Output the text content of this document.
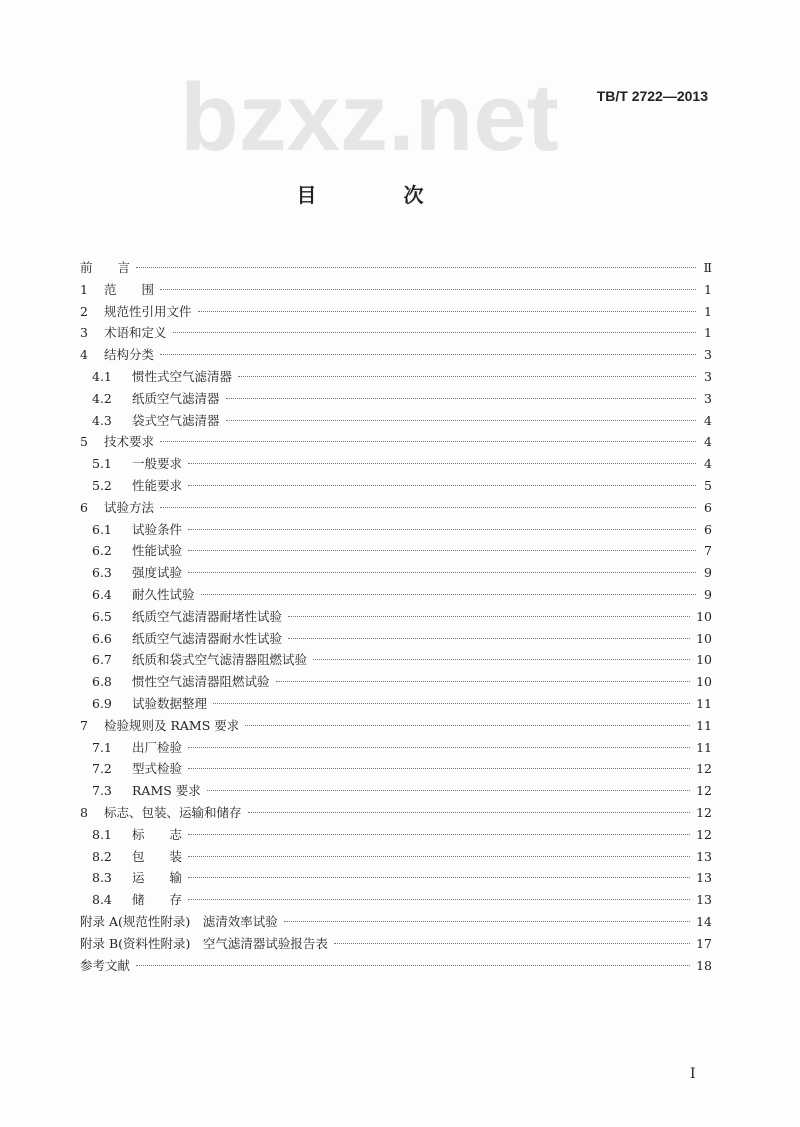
bzxz.net	TB/T 2722—2013
目 次
前　　言	Ⅱ
1	范　　围	1
2	规范性引用文件	1
3	术语和定义	1
4	结构分类	3
4.1	惯性式空气滤清器	3
4.2	纸质空气滤清器	3
4.3	袋式空气滤清器	4
5	技术要求	4
5.1	一般要求	4
5.2	性能要求	5
6	试验方法	6
6.1	试验条件	6
6.2	性能试验	7
6.3	强度试验	9
6.4	耐久性试验	9
6.5	纸质空气滤清器耐堵性试验	10
6.6	纸质空气滤清器耐水性试验	10
6.7	纸质和袋式空气滤清器阻燃试验	10
6.8	惯性空气滤清器阻燃试验	10
6.9	试验数据整理	11
7	检验规则及 RAMS 要求	11
7.1	出厂检验	11
7.2	型式检验	12
7.3	RAMS 要求	12
8	标志、包装、运输和储存	12
8.1	标　　志	12
8.2	包　　装	13
8.3	运　　输	13
8.4	储　　存	13
附录 A(规范性附录)　滤清效率试验	14
附录 B(资料性附录)　空气滤清器试验报告表	17
参考文献	18
I
